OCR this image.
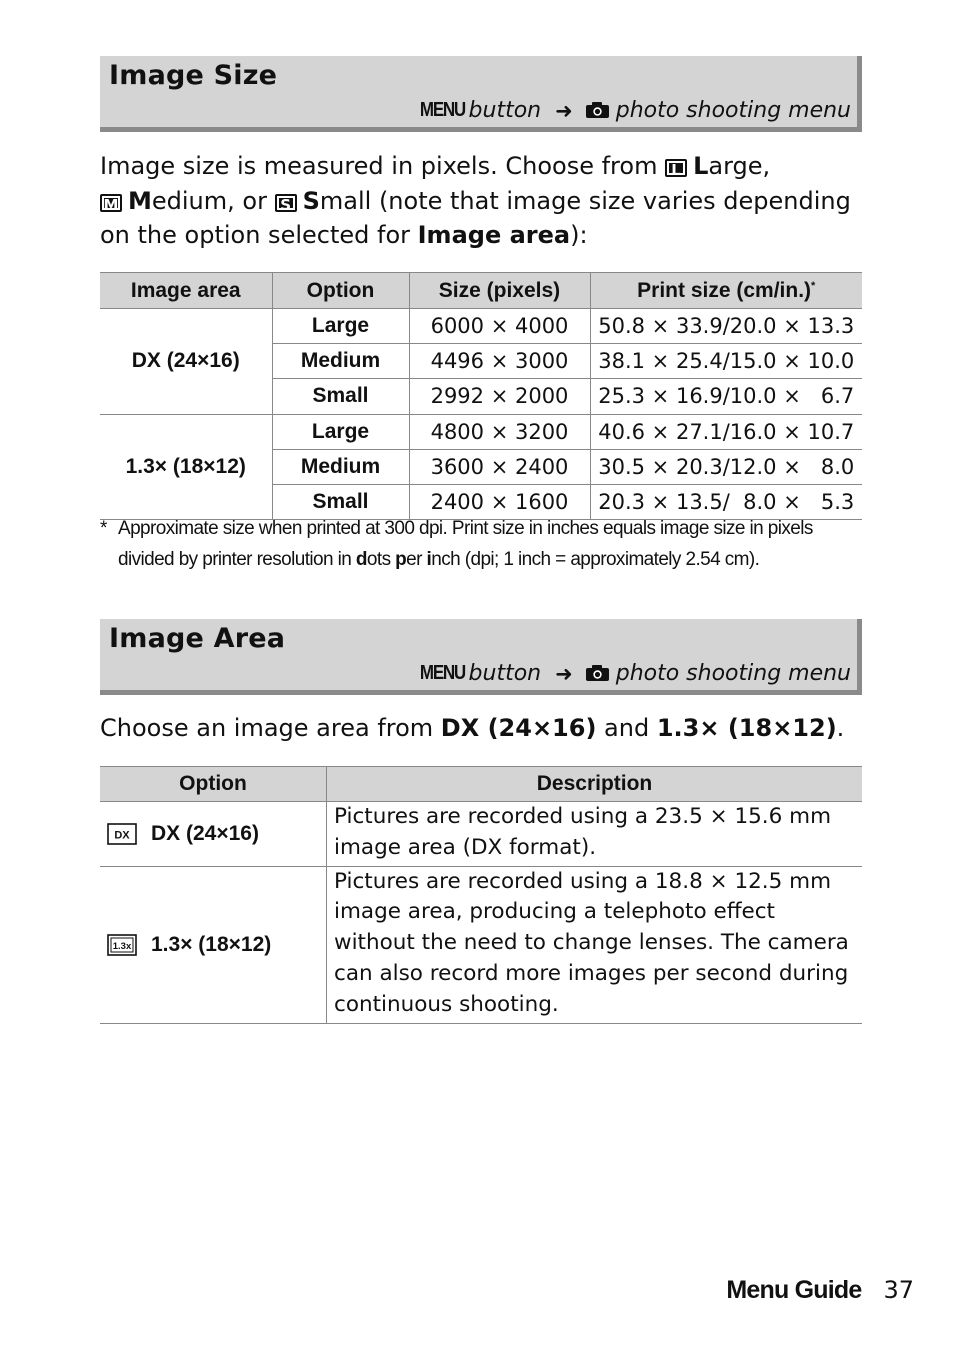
Image Size
MENU button ➜ photo shooting menu
Image size is measured in pixels. Choose from L Large,
M Medium, or S Small (note that image size varies depending on the option selected for Image area):
Image area	Option	Size (pixels)	Print size (cm/in.)*
DX (24×16)	Large	6000 × 4000	50.8 × 33.9/20.0 × 13.3
	Medium	4496 × 3000	38.1 × 25.4/15.0 × 10.0
	Small	2992 × 2000	25.3 × 16.9/10.0 ×   6.7
1.3× (18×12)	Large	4800 × 3200	40.6 × 27.1/16.0 × 10.7
	Medium	3600 × 2400	30.5 × 20.3/12.0 ×   8.0
	Small	2400 × 1600	20.3 × 13.5/  8.0 ×   5.3
* Approximate size when printed at 300 dpi. Print size in inches equals image size in pixels divided by printer resolution in dots per inch (dpi; 1 inch = approximately 2.54 cm).
Image Area
MENU button ➜ photo shooting menu
Choose an image area from DX (24×16) and 1.3× (18×12).
Option	Description

DX DX (24×16)	Pictures are recorded using a 23.5 × 15.6 mm image area (DX format).

1.3x 1.3× (18×12)	Pictures are recorded using a 18.8 × 12.5 mm image area, producing a telephoto effect without the need to change lenses. The camera can also record more images per second during continuous shooting.
Menu Guide 37
